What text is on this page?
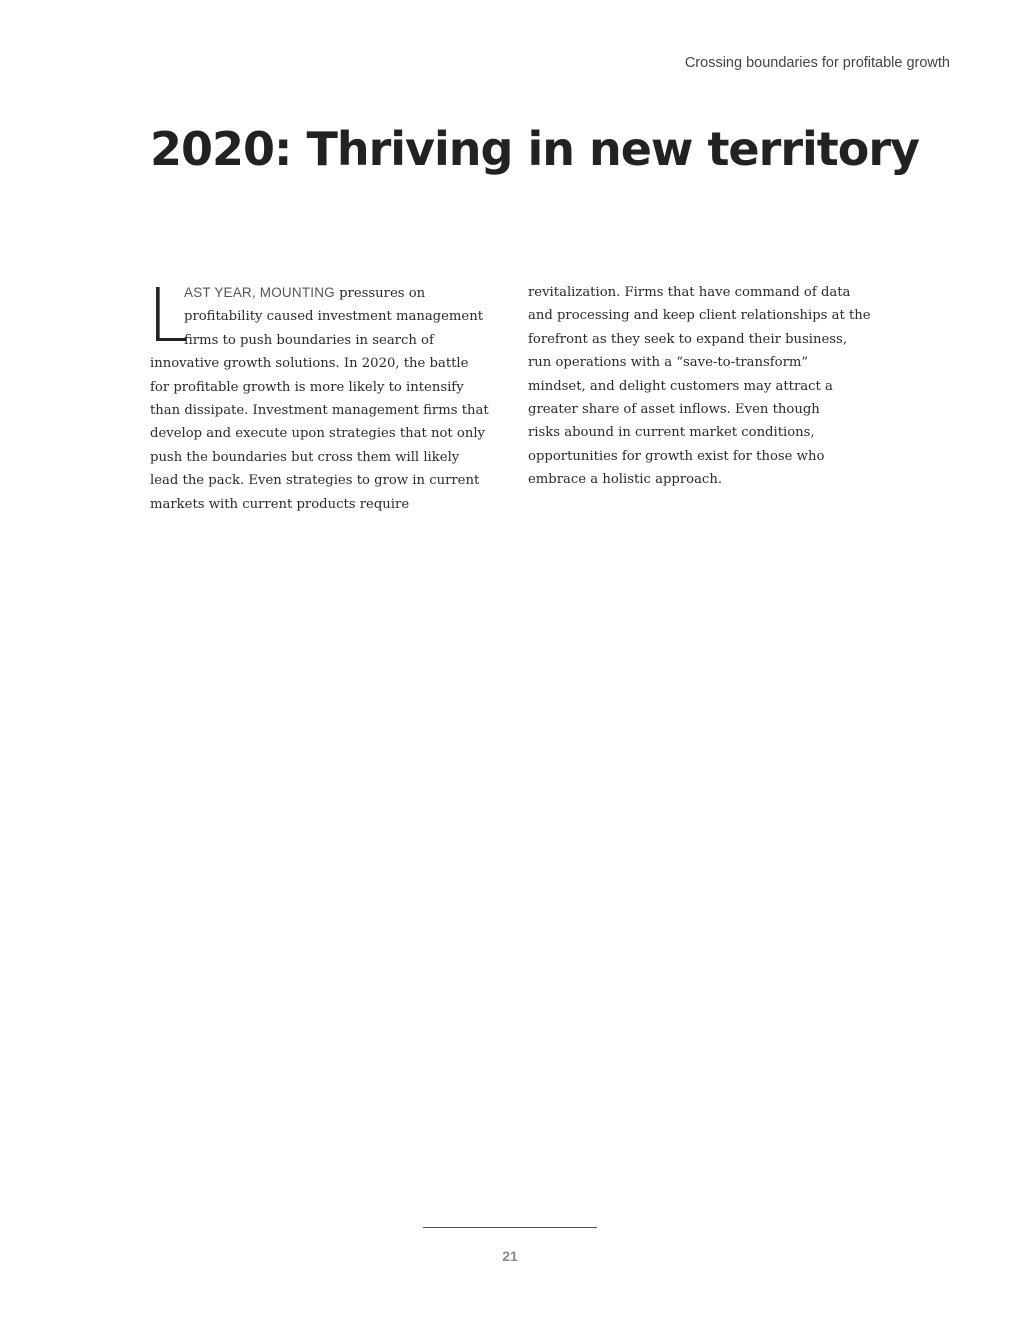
Crossing boundaries for profitable growth
2020: Thriving in new territory
L
AST YEAR, MOUNTING pressures on
profitability caused investment management
firms to push boundaries in search of
innovative growth solutions. In 2020, the battle
for profitable growth is more likely to intensify
than dissipate. Investment management firms that
develop and execute upon strategies that not only
push the boundaries but cross them will likely
lead the pack. Even strategies to grow in current
markets with current products require
revitalization. Firms that have command of data
and processing and keep client relationships at the
forefront as they seek to expand their business,
run operations with a “save-to-transform”
mindset, and delight customers may attract a
greater share of asset inflows. Even though
risks abound in current market conditions,
opportunities for growth exist for those who
embrace a holistic approach.
21
